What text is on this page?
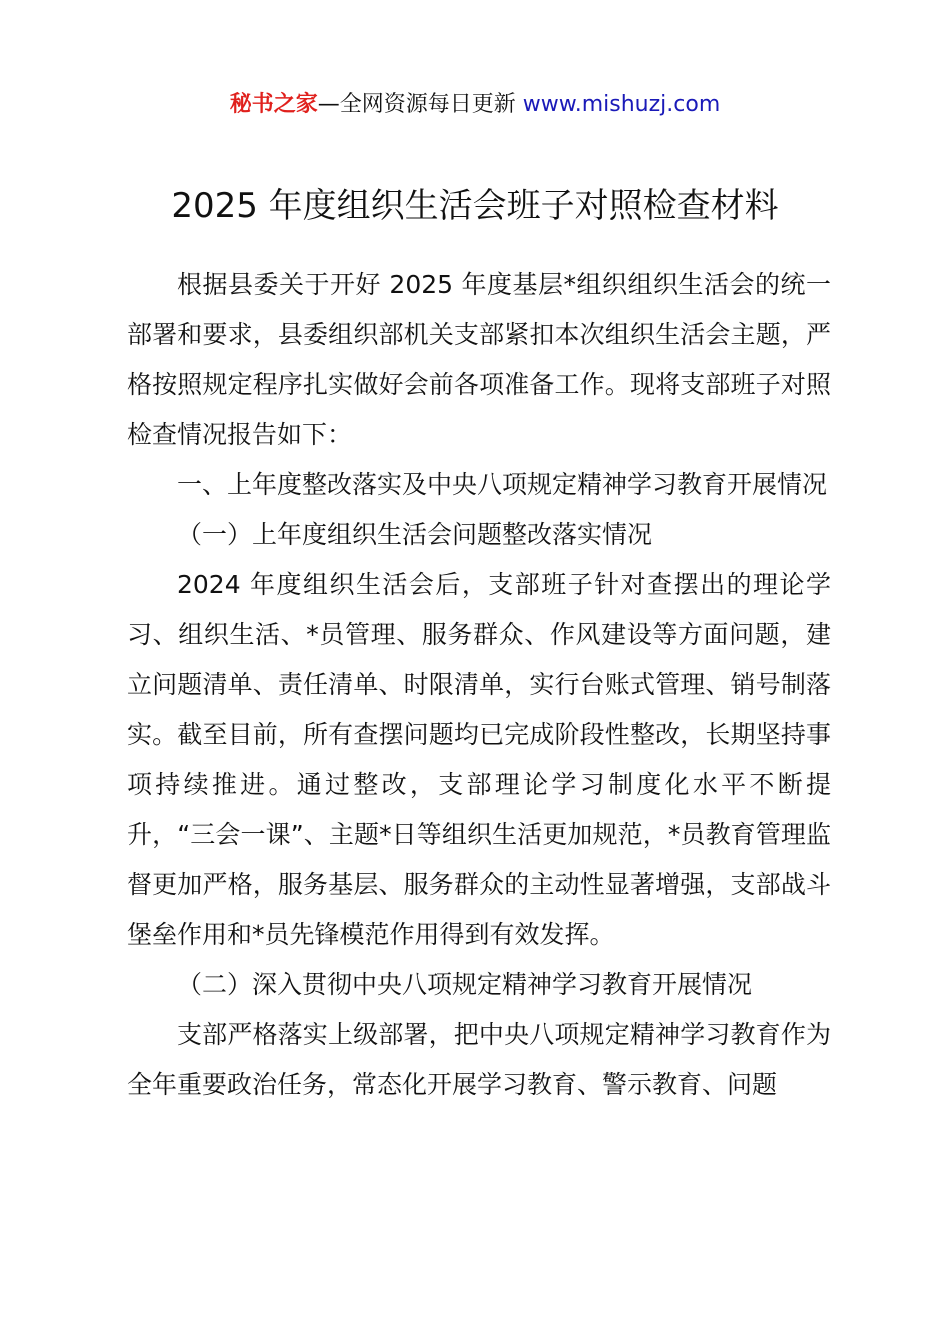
秘书之家—全网资源每日更新 www.mishuzj.com
2025 年度组织生活会班子对照检查材料

根据县委关于开好 2025 年度基层*组织组织生活会的统一部署和要求，县委组织部机关支部紧扣本次组织生活会主题，严格按照规定程序扎实做好会前各项准备工作。现将支部班子对照检查情况报告如下：

一、上年度整改落实及中央八项规定精神学习教育开展情况

（一）上年度组织生活会问题整改落实情况

2024 年度组织生活会后，支部班子针对查摆出的理论学习、组织生活、*员管理、服务群众、作风建设等方面问题，建立问题清单、责任清单、时限清单，实行台账式管理、销号制落实。截至目前，所有查摆问题均已完成阶段性整改，长期坚持事项持续推进。通过整改，支部理论学习制度化水平不断提升，“三会一课”、主题*日等组织生活更加规范，*员教育管理监督更加严格，服务基层、服务群众的主动性显著增强，支部战斗堡垒作用和*员先锋模范作用得到有效发挥。

（二）深入贯彻中央八项规定精神学习教育开展情况

支部严格落实上级部署，把中央八项规定精神学习教育作为全年重要政治任务，常态化开展学习教育、警示教育、问题
